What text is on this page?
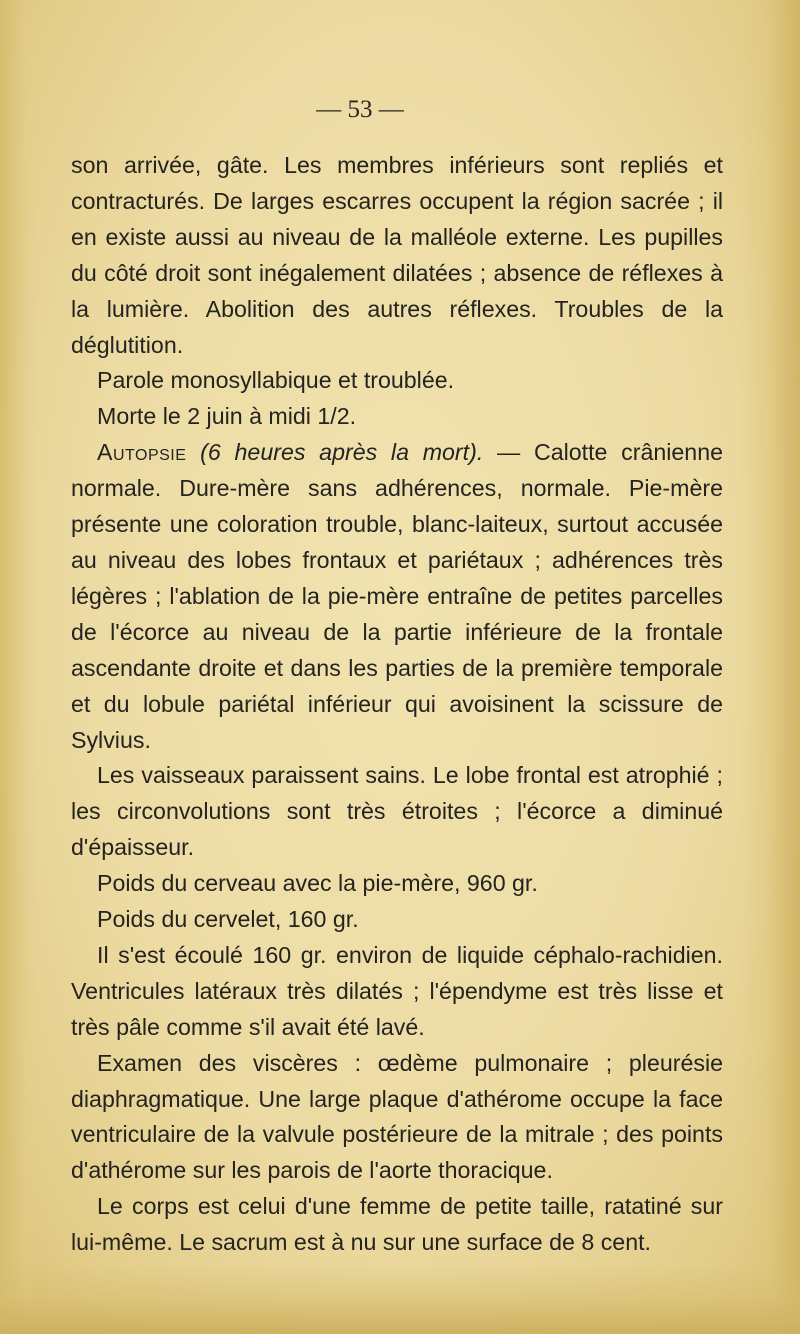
— 53 —

son arrivée, gâte. Les membres inférieurs sont repliés et contracturés. De larges escarres occupent la région sacrée ; il en existe aussi au niveau de la malléole externe. Les pupilles du côté droit sont inégalement dilatées ; absence de réflexes à la lumière. Abolition des autres réflexes. Troubles de la déglutition.

Parole monosyllabique et troublée.

Morte le 2 juin à midi 1/2.

Autopsie (6 heures après la mort). — Calotte crânienne normale. Dure-mère sans adhérences, normale. Pie-mère présente une coloration trouble, blanc-laiteux, surtout accusée au niveau des lobes frontaux et pariétaux ; adhérences très légères ; l'ablation de la pie-mère entraîne de petites parcelles de l'écorce au niveau de la partie inférieure de la frontale ascendante droite et dans les parties de la première temporale et du lobule pariétal inférieur qui avoisinent la scissure de Sylvius.

Les vaisseaux paraissent sains. Le lobe frontal est atrophié ; les circonvolutions sont très étroites ; l'écorce a diminué d'épaisseur.

Poids du cerveau avec la pie-mère, 960 gr.

Poids du cervelet, 160 gr.

Il s'est écoulé 160 gr. environ de liquide céphalo-rachidien. Ventricules latéraux très dilatés ; l'épendyme est très lisse et très pâle comme s'il avait été lavé.

Examen des viscères : œdème pulmonaire ; pleurésie diaphragmatique. Une large plaque d'athérome occupe la face ventriculaire de la valvule postérieure de la mitrale ; des points d'athérome sur les parois de l'aorte thoracique.

Le corps est celui d'une femme de petite taille, ratatiné sur lui-même. Le sacrum est à nu sur une surface de 8 cent.
